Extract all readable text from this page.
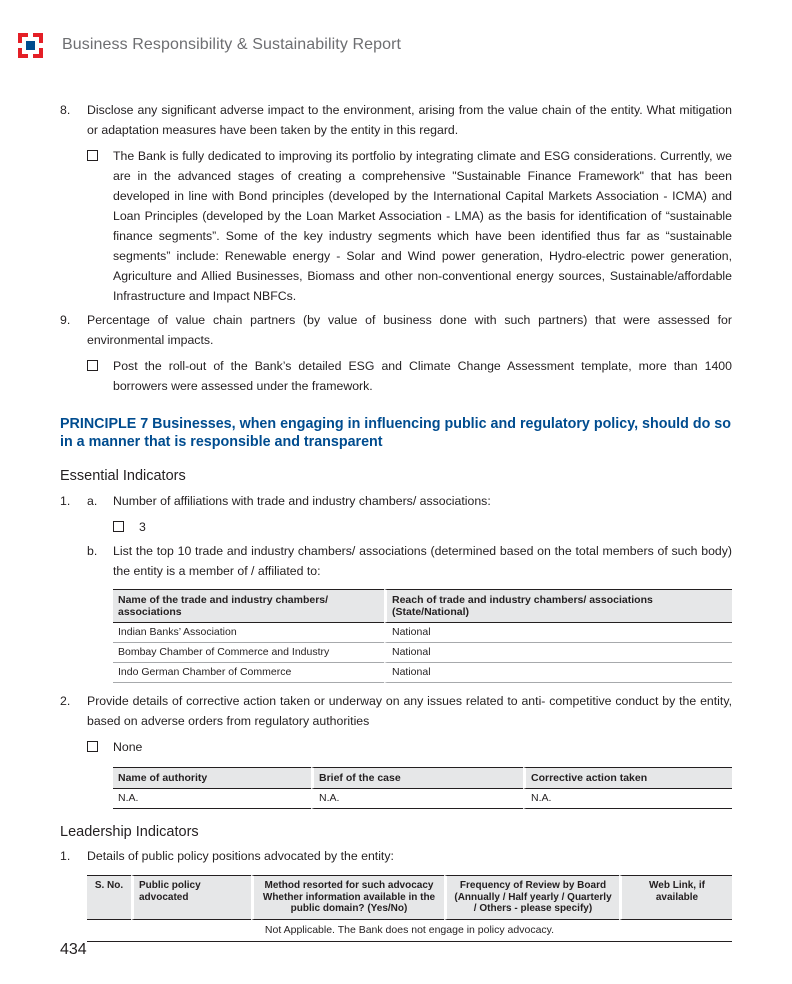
Business Responsibility & Sustainability Report
8.	Disclose any significant adverse impact to the environment, arising from the value chain of the entity. What mitigation or adaptation measures have been taken by the entity in this regard.
The Bank is fully dedicated to improving its portfolio by integrating climate and ESG considerations. Currently, we are in the advanced stages of creating a comprehensive "Sustainable Finance Framework" that has been developed in line with Bond principles (developed by the International Capital Markets Association - ICMA) and Loan Principles (developed by the Loan Market Association - LMA) as the basis for identification of “sustainable finance segments”. Some of the key industry segments which have been identified thus far as “sustainable segments” include: Renewable energy - Solar and Wind power generation, Hydro-electric power generation, Agriculture and Allied Businesses, Biomass and other non-conventional energy sources, Sustainable/affordable Infrastructure and Impact NBFCs.
9.	Percentage of value chain partners (by value of business done with such partners) that were assessed for environmental impacts.
Post the roll-out of the Bank’s detailed ESG and Climate Change Assessment template, more than 1400 borrowers were assessed under the framework.
PRINCIPLE 7 Businesses, when engaging in influencing public and regulatory policy, should do so in a manner that is responsible and transparent
Essential Indicators
1.	a.	Number of affiliations with trade and industry chambers/ associations:
3
b.	List the top 10 trade and industry chambers/ associations (determined based on the total members of such body) the entity is a member of / affiliated to:
Name of the trade and industry chambers/ associations	Reach of trade and industry chambers/ associations (State/National)
Indian Banks’ Association	National
Bombay Chamber of Commerce and Industry	National
Indo German Chamber of Commerce	National
2.	Provide details of corrective action taken or underway on any issues related to anti- competitive conduct by the entity, based on adverse orders from regulatory authorities
None
Name of authority	Brief of the case	Corrective action taken
N.A.	N.A.	N.A.
Leadership Indicators
1.	Details of public policy positions advocated by the entity:
S. No.	Public policy advocated	Method resorted for such advocacy Whether information available in the public domain? (Yes/No)	Frequency of Review by Board (Annually / Half yearly / Quarterly / Others - please specify)	Web Link, if available
Not Applicable. The Bank does not engage in policy advocacy.
434
